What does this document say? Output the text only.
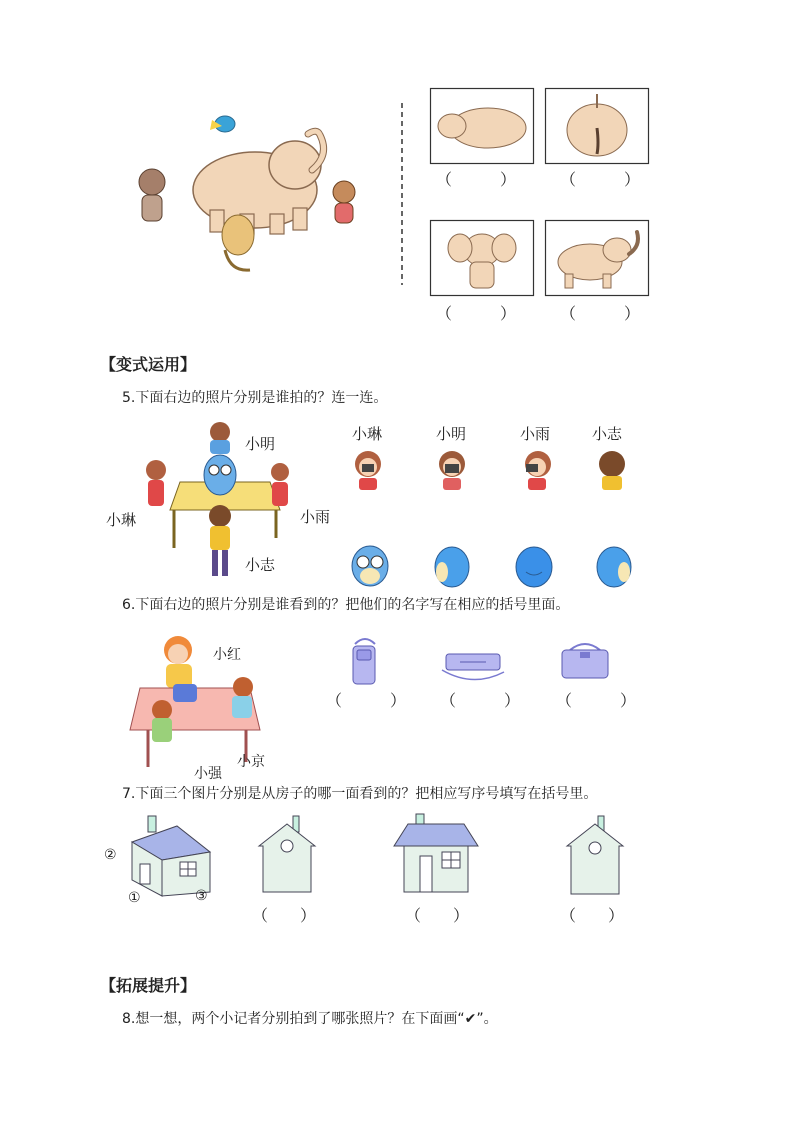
（　　　）	（　　　）
（　　　）	（　　　）
【变式运用】
5.下面右边的照片分别是谁拍的？连一连。
小明
小琳	小雨
小志
小琳	小明	小雨	小志
6.下面右边的照片分别是谁看到的？把他们的名字写在相应的括号里面。
小红
小京
小强
（　　　） （　　　） （　　　）
7.下面三个图片分别是从房子的哪一面看到的？把相应写序号填写在括号里。
②
①	③
（　　）	（　　）	（　　）
【拓展提升】
8.想一想，两个小记者分别拍到了哪张照片？在下面画“✔”。
